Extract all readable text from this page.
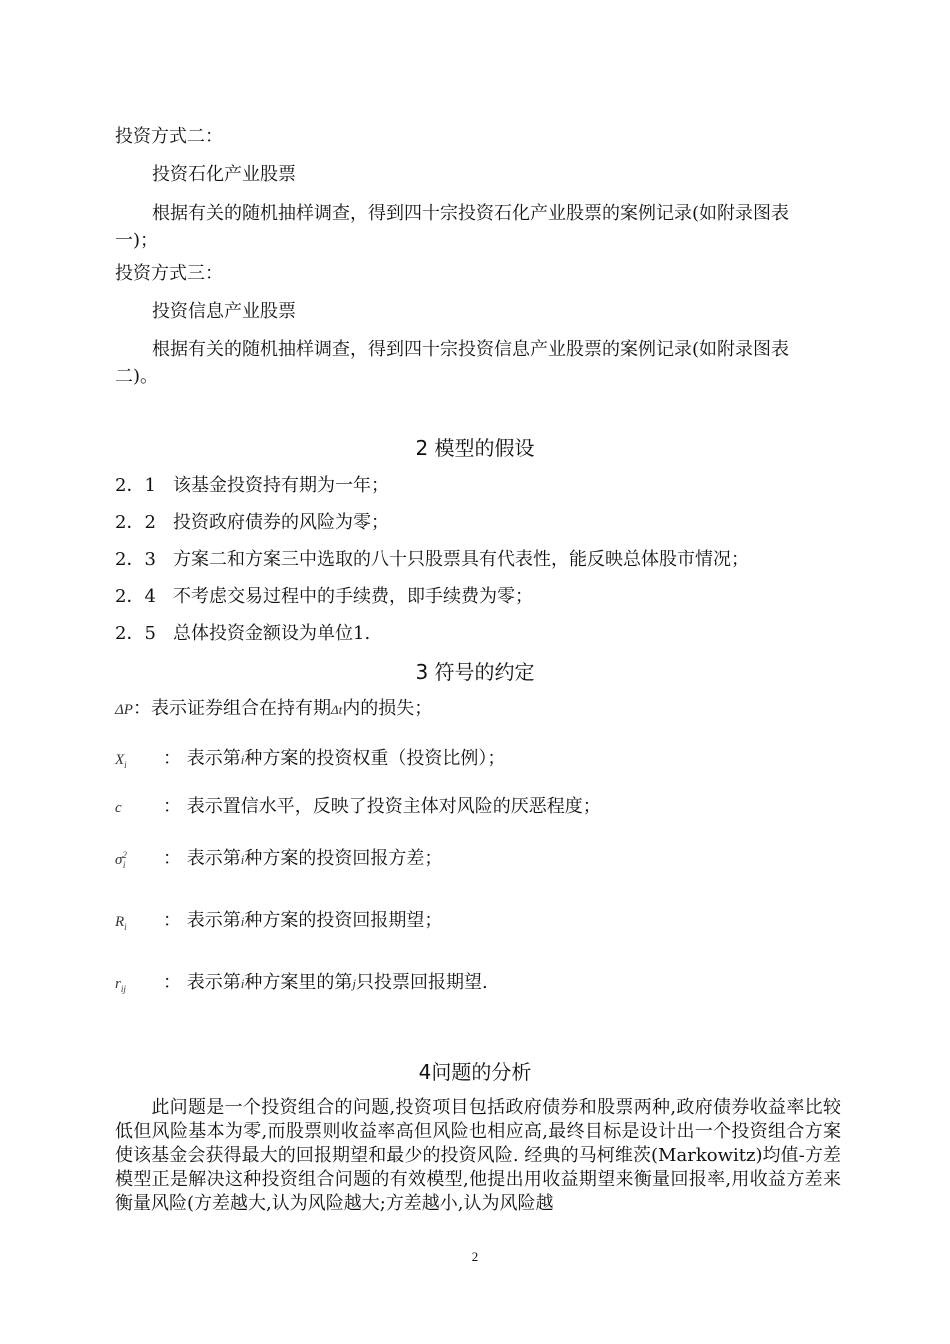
投资方式二：
投资石化产业股票
根据有关的随机抽样调查，得到四十宗投资石化产业股票的案例记录(如附录图表
一)；
投资方式三：
投资信息产业股票
根据有关的随机抽样调查，得到四十宗投资信息产业股票的案例记录(如附录图表
二)。
2 模型的假设
2．1 该基金投资持有期为一年；
2．2 投资政府债券的风险为零；
2．3 方案二和方案三中选取的八十只股票具有代表性，能反映总体股市情况；
2．4 不考虑交易过程中的手续费，即手续费为零；
2．5 总体投资金额设为单位1.
3 符号的约定
ΔP：表示证券组合在持有期Δt内的损失；
$X_i$ ： 表示第i种方案的投资权重（投资比例）；
c ： 表示置信水平，反映了投资主体对风险的厌恶程度；
$\sigma^2_i$ ： 表示第i种方案的投资回报方差；
$R_i$ ： 表示第i种方案的投资回报期望；
$r_{ij}$ ： 表示第i种方案里的第j只投票回报期望.
4问题的分析
此问题是一个投资组合的问题,投资项目包括政府债券和股票两种,政府债券收益率比较低但风险基本为零,而股票则收益率高但风险也相应高,最终目标是设计出一个投资组合方案使该基金会获得最大的回报期望和最少的投资风险. 经典的马柯维茨(Markowitz)均值-方差模型正是解决这种投资组合问题的有效模型,他提出用收益期望来衡量回报率,用收益方差来衡量风险(方差越大,认为风险越大;方差越小,认为风险越
2
